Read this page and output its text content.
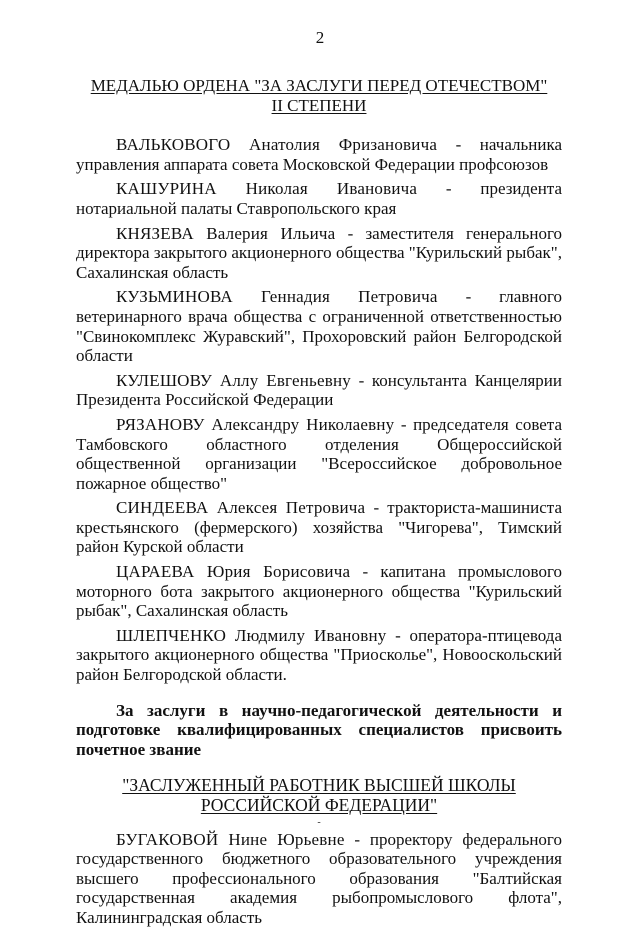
2
МЕДАЛЬЮ ОРДЕНА "ЗА ЗАСЛУГИ ПЕРЕД ОТЕЧЕСТВОМ"
II СТЕПЕНИ

ВАЛЬКОВОГО Анатолия Фризановича - начальника управления аппарата совета Московской Федерации профсоюзов

КАШУРИНА Николая Ивановича - президента нотариальной палаты Ставропольского края

КНЯЗЕВА Валерия Ильича - заместителя генерального директора закрытого акционерного общества "Курильский рыбак", Сахалинская область

КУЗЬМИНОВА Геннадия Петровича - главного ветеринарного врача общества с ограниченной ответственностью "Свинокомплекс Журавский", Прохоровский район Белгородской области

КУЛЕШОВУ Аллу Евгеньевну - консультанта Канцелярии Президента Российской Федерации

РЯЗАНОВУ Александру Николаевну - председателя совета Тамбовского областного отделения Общероссийской общественной организации "Всероссийское добровольное пожарное общество"

СИНДЕЕВА Алексея Петровича - тракториста-машиниста крестьянского (фермерского) хозяйства "Чигорева", Тимский район Курской области

ЦАРАЕВА Юрия Борисовича - капитана промыслового моторного бота закрытого акционерного общества "Курильский рыбак", Сахалинская область

ШЛЕПЧЕНКО Людмилу Ивановну - оператора-птицевода закрытого акционерного общества "Приосколье", Новооскольский район Белгородской области.

За заслуги в научно-педагогической деятельности и подготовке квалифицированных специалистов присвоить почетное звание

"ЗАСЛУЖЕННЫЙ РАБОТНИК ВЫСШЕЙ ШКОЛЫ
РОССИЙСКОЙ ФЕДЕРАЦИИ"
-

БУГАКОВОЙ Нине Юрьевне - проректору федерального государственного бюджетного образовательного учреждения высшего профессионального образования "Балтийская государственная академия рыбопромыслового флота", Калининградская область
